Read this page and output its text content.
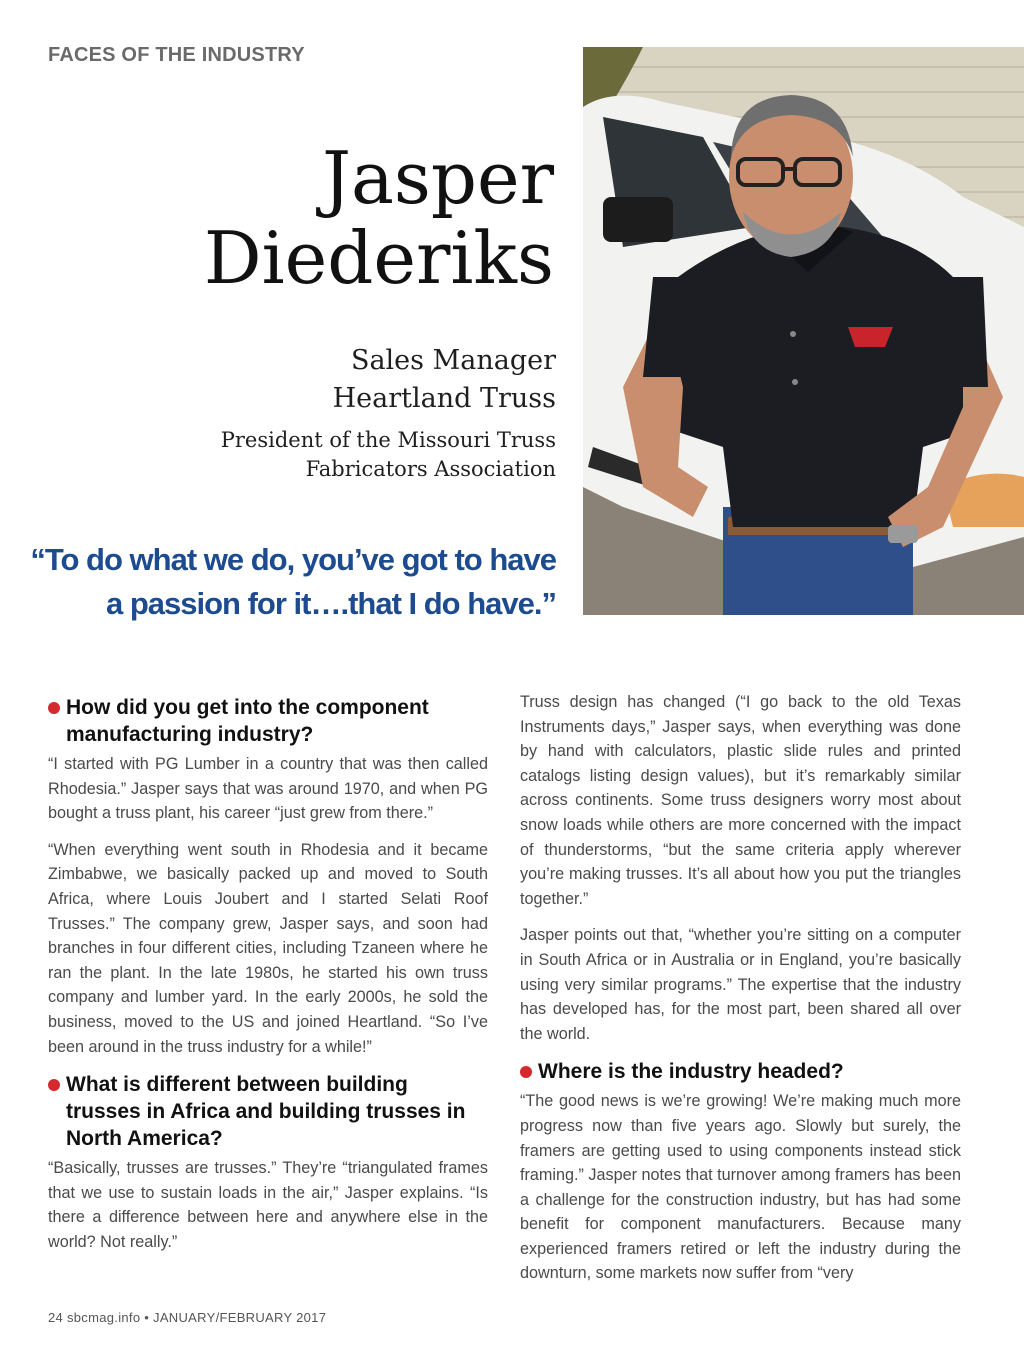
FACES OF THE INDUSTRY
Jasper
Diederiks
Sales Manager
Heartland Truss
President of the Missouri Truss
Fabricators Association
“To do what we do, you’ve got to have
a passion for it….that I do have.”
How did you get into the component manufacturing industry?

“I started with PG Lumber in a country that was then called Rhodesia.” Jasper says that was around 1970, and when PG bought a truss plant, his career “just grew from there.”

“When everything went south in Rhodesia and it became Zimbabwe, we basically packed up and moved to South Africa, where Louis Joubert and I started Selati Roof Trusses.” The company grew, Jasper says, and soon had branches in four different cities, including Tzaneen where he ran the plant. In the late 1980s, he started his own truss company and lumber yard. In the early 2000s, he sold the business, moved to the US and joined Heartland. “So I’ve been around in the truss industry for a while!”

What is different between building trusses in Africa and building trusses in North America?

“Basically, trusses are trusses.” They’re “triangulated frames that we use to sustain loads in the air,” Jasper explains. “Is there a difference between here and anywhere else in the world? Not really.”

Truss design has changed (“I go back to the old Texas Instruments days,” Jasper says, when everything was done by hand with calculators, plastic slide rules and printed catalogs listing design values), but it’s remarkably similar across continents. Some truss designers worry most about snow loads while others are more concerned with the impact of thunderstorms, “but the same criteria apply wherever you’re making trusses. It’s all about how you put the triangles together.”

Jasper points out that, “whether you’re sitting on a computer in South Africa or in Australia or in England, you’re basically using very similar programs.” The expertise that the industry has developed has, for the most part, been shared all over the world.

Where is the industry headed?

“The good news is we’re growing! We’re making much more progress now than five years ago. Slowly but surely, the framers are getting used to using components instead stick framing.” Jasper notes that turnover among framers has been a challenge for the construction industry, but has had some benefit for component manufacturers. Because many experienced framers retired or left the industry during the downturn, some markets now suffer from “very

24 sbcmag.info • JANUARY/FEBRUARY 2017
